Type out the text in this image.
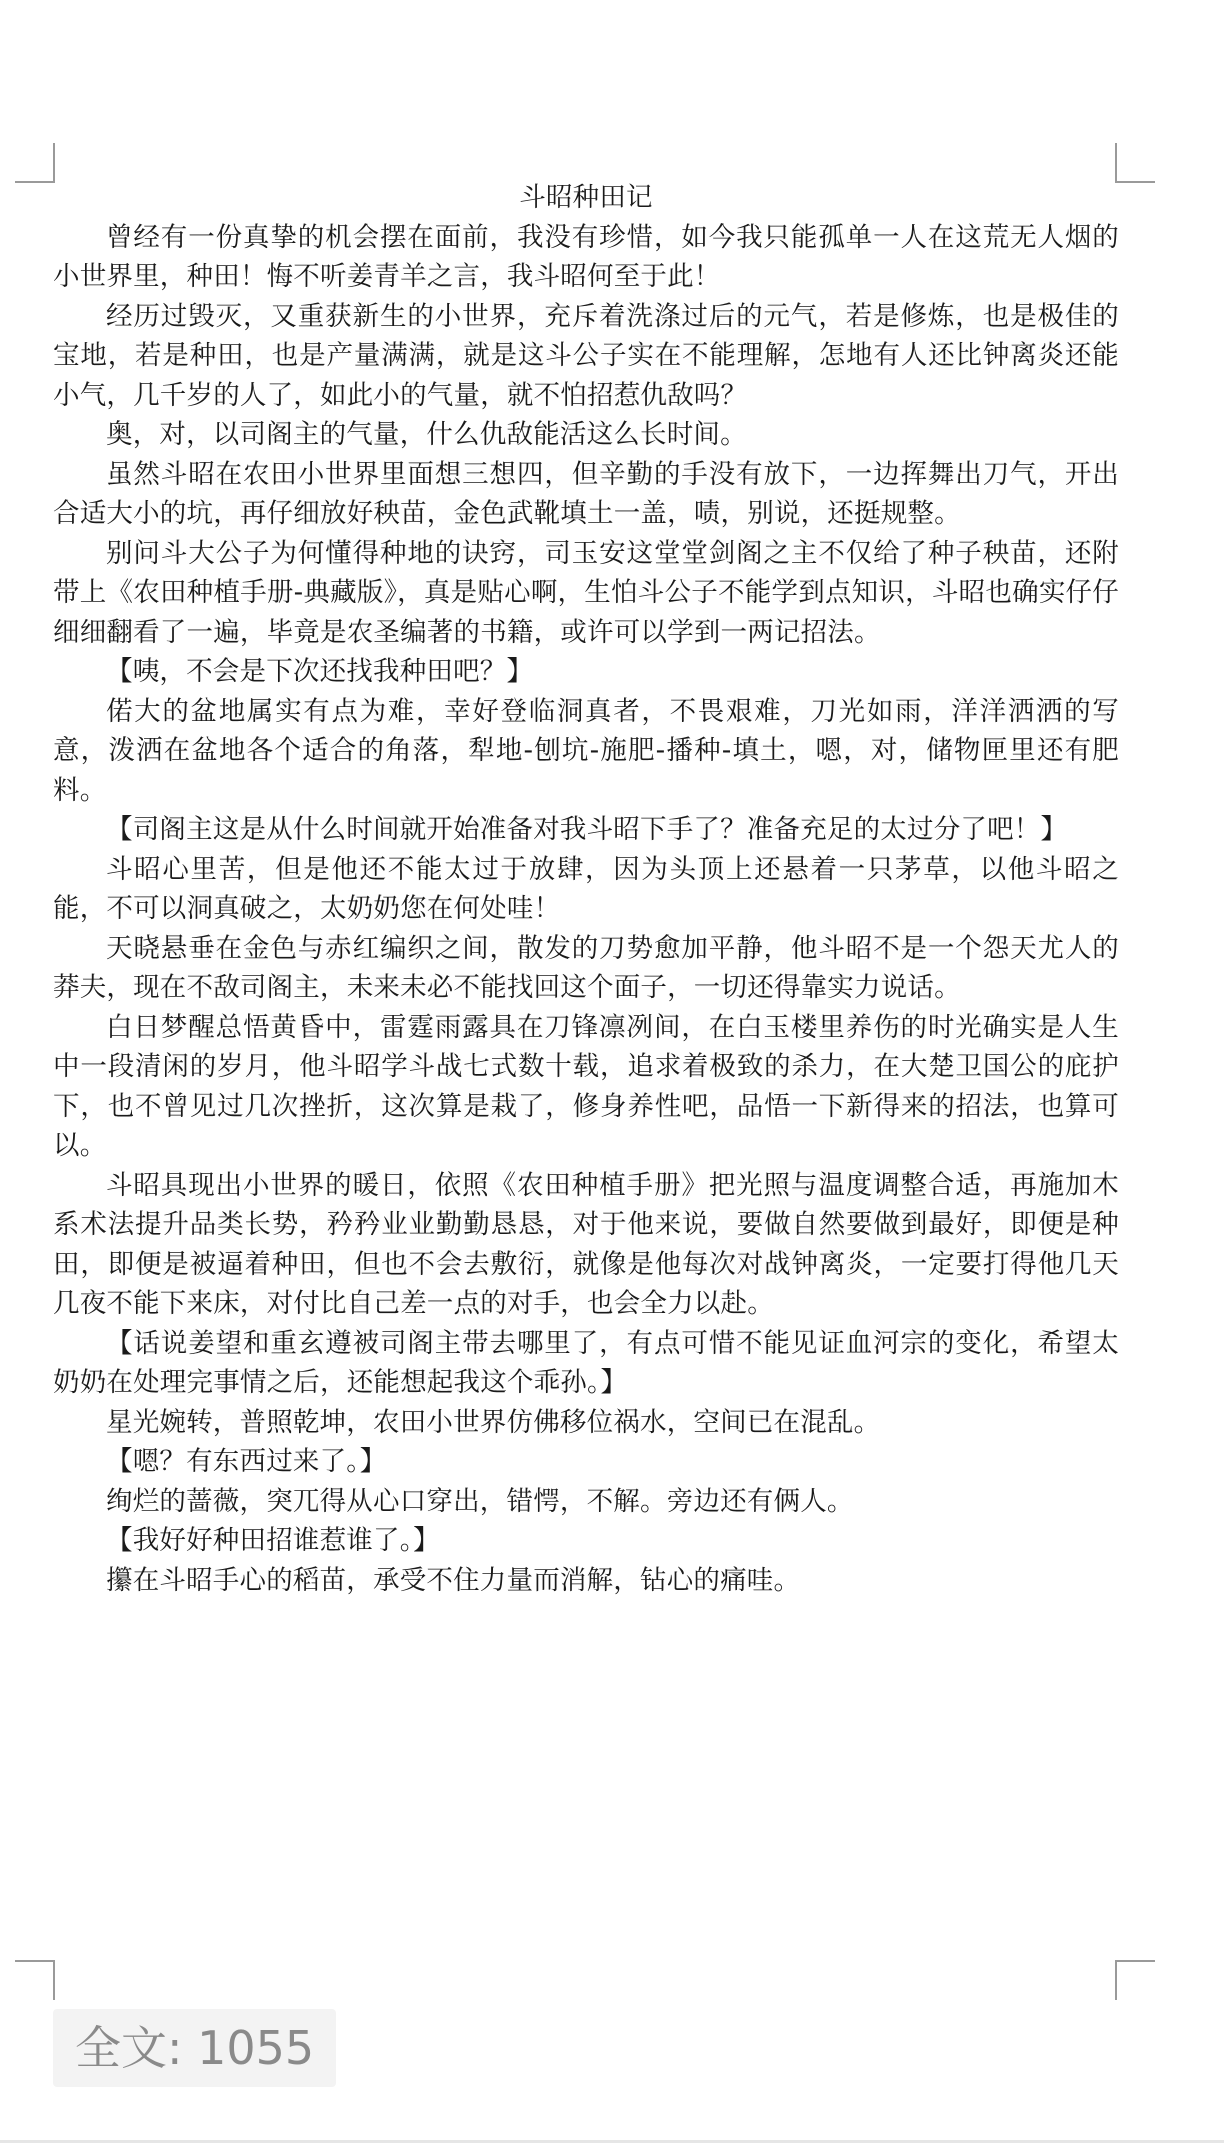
斗昭种田记

曾经有一份真挚的机会摆在面前，我没有珍惜，如今我只能孤单一人在这荒无人烟的小世界里，种田！悔不听姜青羊之言，我斗昭何至于此！

经历过毁灭，又重获新生的小世界，充斥着洗涤过后的元气，若是修炼，也是极佳的宝地，若是种田，也是产量满满，就是这斗公子实在不能理解，怎地有人还比钟离炎还能小气，几千岁的人了，如此小的气量，就不怕招惹仇敌吗？

奥，对，以司阁主的气量，什么仇敌能活这么长时间。

虽然斗昭在农田小世界里面想三想四，但辛勤的手没有放下，一边挥舞出刀气，开出合适大小的坑，再仔细放好秧苗，金色武靴填土一盖，啧，别说，还挺规整。

别问斗大公子为何懂得种地的诀窍，司玉安这堂堂剑阁之主不仅给了种子秧苗，还附带上《农田种植手册-典藏版》，真是贴心啊，生怕斗公子不能学到点知识，斗昭也确实仔仔细细翻看了一遍，毕竟是农圣编著的书籍，或许可以学到一两记招法。

【咦，不会是下次还找我种田吧？】

偌大的盆地属实有点为难，幸好登临洞真者，不畏艰难，刀光如雨，洋洋洒洒的写意，泼洒在盆地各个适合的角落，犁地-刨坑-施肥-播种-填土，嗯，对，储物匣里还有肥料。

【司阁主这是从什么时间就开始准备对我斗昭下手了？准备充足的太过分了吧！】

斗昭心里苦，但是他还不能太过于放肆，因为头顶上还悬着一只茅草，以他斗昭之能，不可以洞真破之，太奶奶您在何处哇！

天晓悬垂在金色与赤红编织之间，散发的刀势愈加平静，他斗昭不是一个怨天尤人的莽夫，现在不敌司阁主，未来未必不能找回这个面子，一切还得靠实力说话。

白日梦醒总悟黄昏中，雷霆雨露具在刀锋凛冽间，在白玉楼里养伤的时光确实是人生中一段清闲的岁月，他斗昭学斗战七式数十载，追求着极致的杀力，在大楚卫国公的庇护下，也不曾见过几次挫折，这次算是栽了，修身养性吧，品悟一下新得来的招法，也算可以。

斗昭具现出小世界的暖日，依照《农田种植手册》把光照与温度调整合适，再施加木系术法提升品类长势，矜矜业业勤勤恳恳，对于他来说，要做自然要做到最好，即便是种田，即便是被逼着种田，但也不会去敷衍，就像是他每次对战钟离炎，一定要打得他几天几夜不能下来床，对付比自己差一点的对手，也会全力以赴。

【话说姜望和重玄遵被司阁主带去哪里了，有点可惜不能见证血河宗的变化，希望太奶奶在处理完事情之后，还能想起我这个乖孙。】

星光婉转，普照乾坤，农田小世界仿佛移位祸水，空间已在混乱。

【嗯？有东西过来了。】

绚烂的蔷薇，突兀得从心口穿出，错愕，不解。旁边还有俩人。

【我好好种田招谁惹谁了。】

攥在斗昭手心的稻苗，承受不住力量而消解，钻心的痛哇。

全文: 1055
